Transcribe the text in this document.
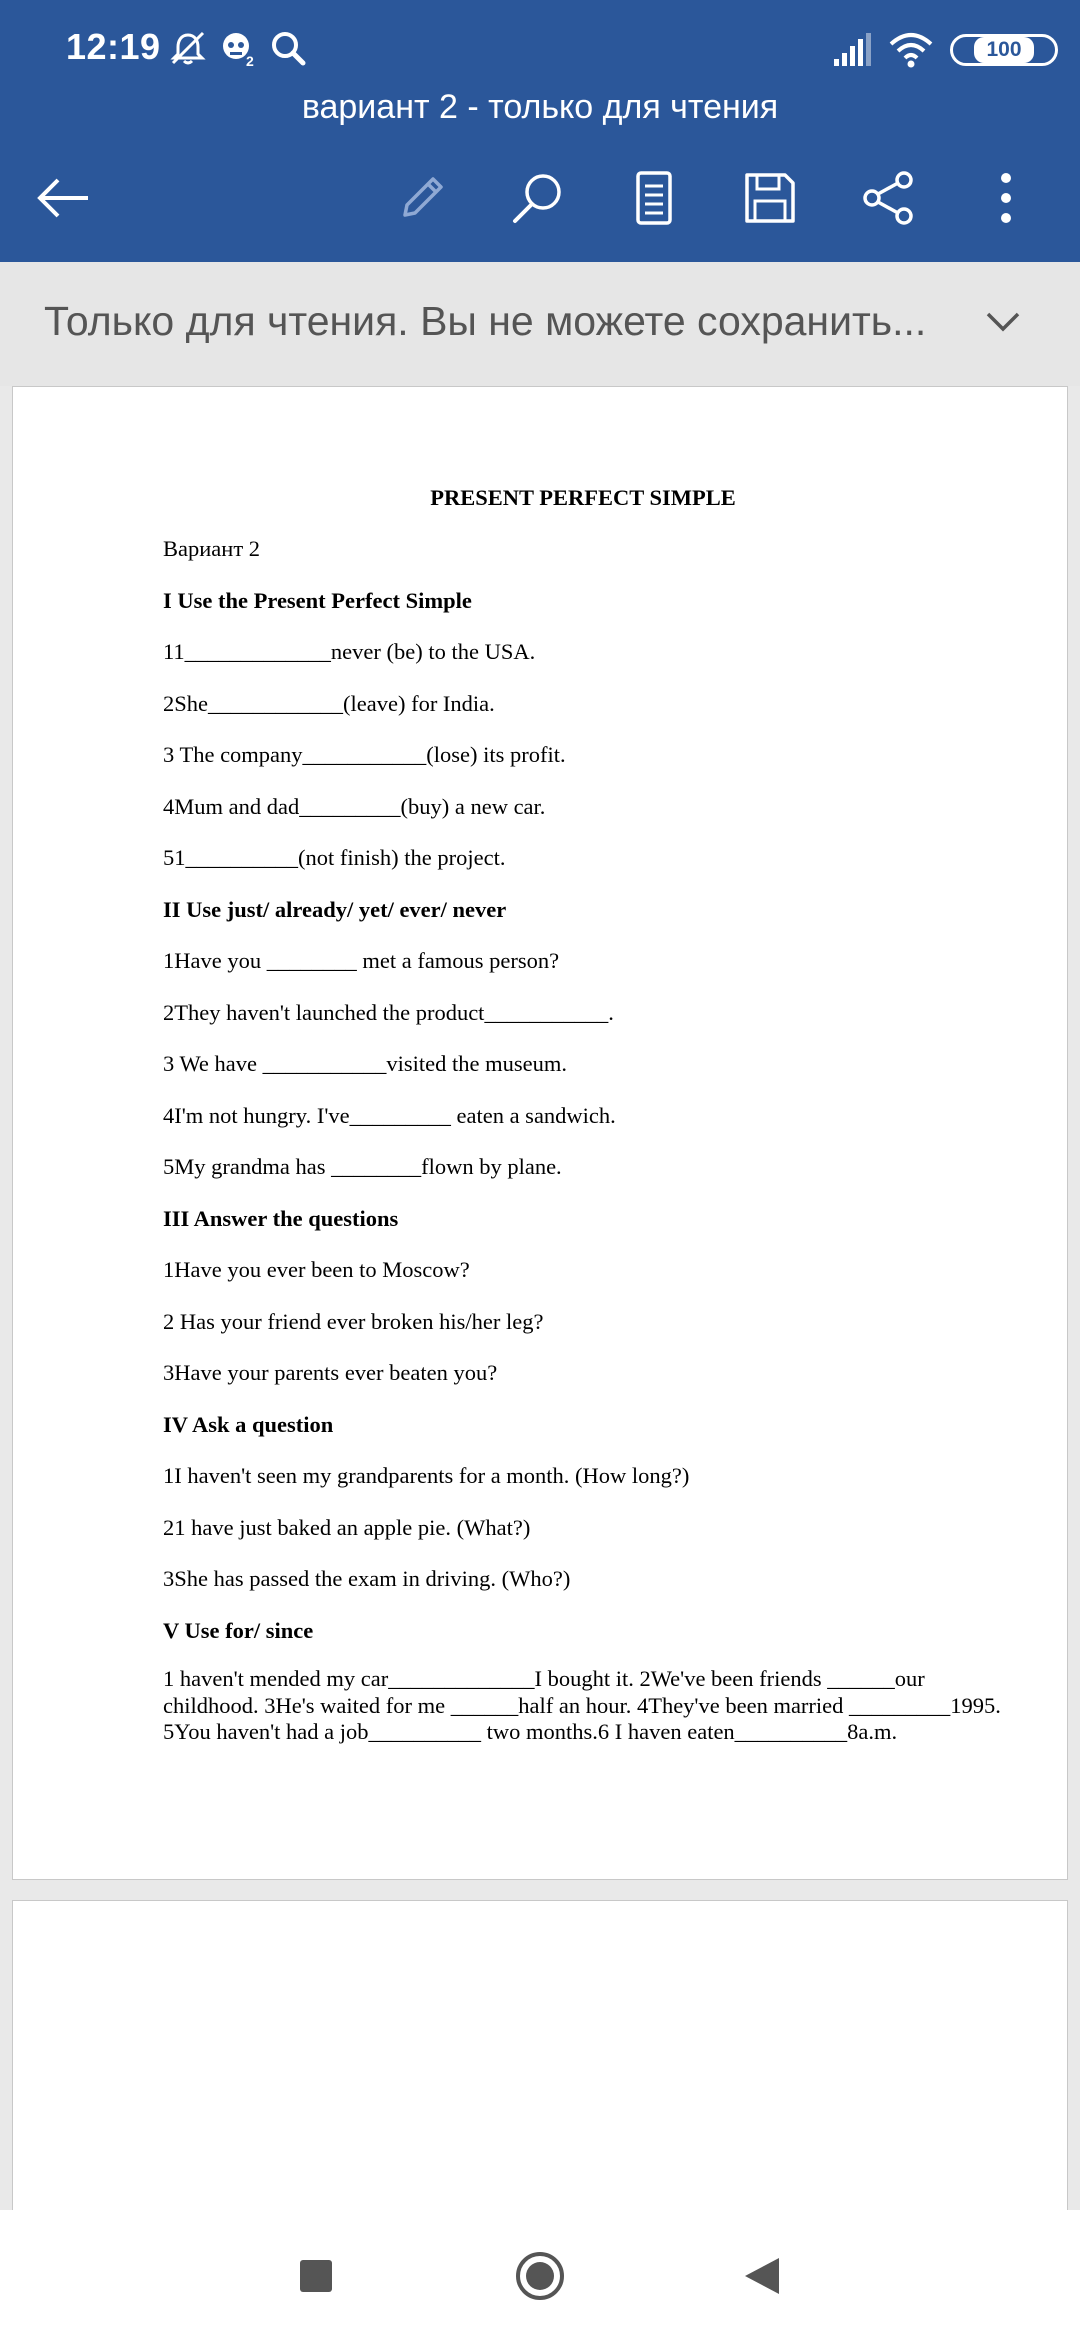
12:19	2	100
вариант 2 - только для чтения
Только для чтения. Вы не можете сохранить...

PRESENT PERFECT SIMPLE

Вариант 2

I Use the Present Perfect Simple

11_____________never (be) to the USA.

2She____________(leave) for India.

3 The company___________(lose) its profit.

4Mum and dad_________(buy) a new car.

51__________(not finish) the project.

II Use just/ already/ yet/ ever/ never

1Have you ________ met a famous person?

2They haven't launched the product___________.

3 We have ___________visited the museum.

4I'm not hungry. I've_________ eaten a sandwich.

5My grandma has ________flown by plane.

III Answer the questions

1Have you ever been to Moscow?

2 Has your friend ever broken his/her leg?

3Have your parents ever beaten you?

IV Ask a question

1I haven't seen my grandparents for a month. (How long?)

21 have just baked an apple pie. (What?)

3She has passed the exam in driving. (Who?)

V Use for/ since

1 haven't mended my car_____________I bought it. 2We've been friends ______our childhood. 3He's waited for me ______half an hour. 4They've been married _________1995. 5You haven't had a job__________ two months.6 I haven eaten__________8a.m.
